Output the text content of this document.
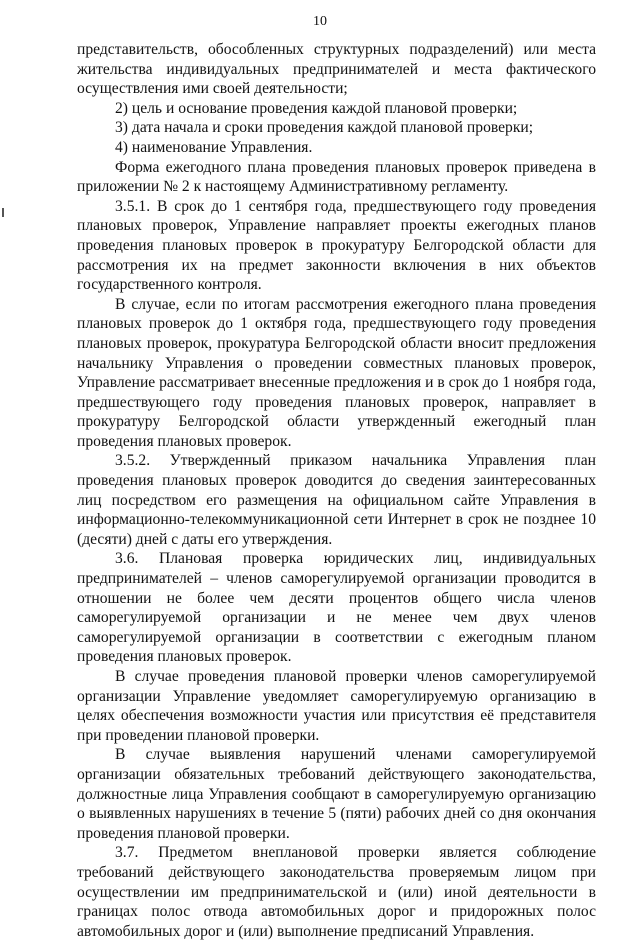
10

представительств, обособленных структурных подразделений) или места жительства индивидуальных предпринимателей и места фактического осуществления ими своей деятельности;

2) цель и основание проведения каждой плановой проверки;

3) дата начала и сроки проведения каждой плановой проверки;

4) наименование Управления.

Форма ежегодного плана проведения плановых проверок приведена в приложении № 2 к настоящему Административному регламенту.

3.5.1. В срок до 1 сентября года, предшествующего году проведения плановых проверок, Управление направляет проекты ежегодных планов проведения плановых проверок в прокуратуру Белгородской области для рассмотрения их на предмет законности включения в них объектов государственного контроля.

В случае, если по итогам рассмотрения ежегодного плана проведения плановых проверок до 1 октября года, предшествующего году проведения плановых проверок, прокуратура Белгородской области вносит предложения начальнику Управления о проведении совместных плановых проверок, Управление рассматривает внесенные предложения и в срок до 1 ноября года, предшествующего году проведения плановых проверок, направляет в прокуратуру Белгородской области утвержденный ежегодный план проведения плановых проверок.

3.5.2. Утвержденный приказом начальника Управления план проведения плановых проверок доводится до сведения заинтересованных лиц посредством его размещения на официальном сайте Управления в информационно-телекоммуникационной сети Интернет в срок не позднее 10 (десяти) дней с даты его утверждения.

3.6. Плановая проверка юридических лиц, индивидуальных предпринимателей – членов саморегулируемой организации проводится в отношении не более чем десяти процентов общего числа членов саморегулируемой организации и не менее чем двух членов саморегулируемой организации в соответствии с ежегодным планом проведения плановых проверок.

В случае проведения плановой проверки членов саморегулируемой организации Управление уведомляет саморегулируемую организацию в целях обеспечения возможности участия или присутствия её представителя при проведении плановой проверки.

В случае выявления нарушений членами саморегулируемой организации обязательных требований действующего законодательства, должностные лица Управления сообщают в саморегулируемую организацию о выявленных нарушениях в течение 5 (пяти) рабочих дней со дня окончания проведения плановой проверки.

3.7. Предметом внеплановой проверки является соблюдение требований действующего законодательства проверяемым лицом при осуществлении им предпринимательской и (или) иной деятельности в границах полос отвода автомобильных дорог и придорожных полос автомобильных дорог и (или) выполнение предписаний Управления.
